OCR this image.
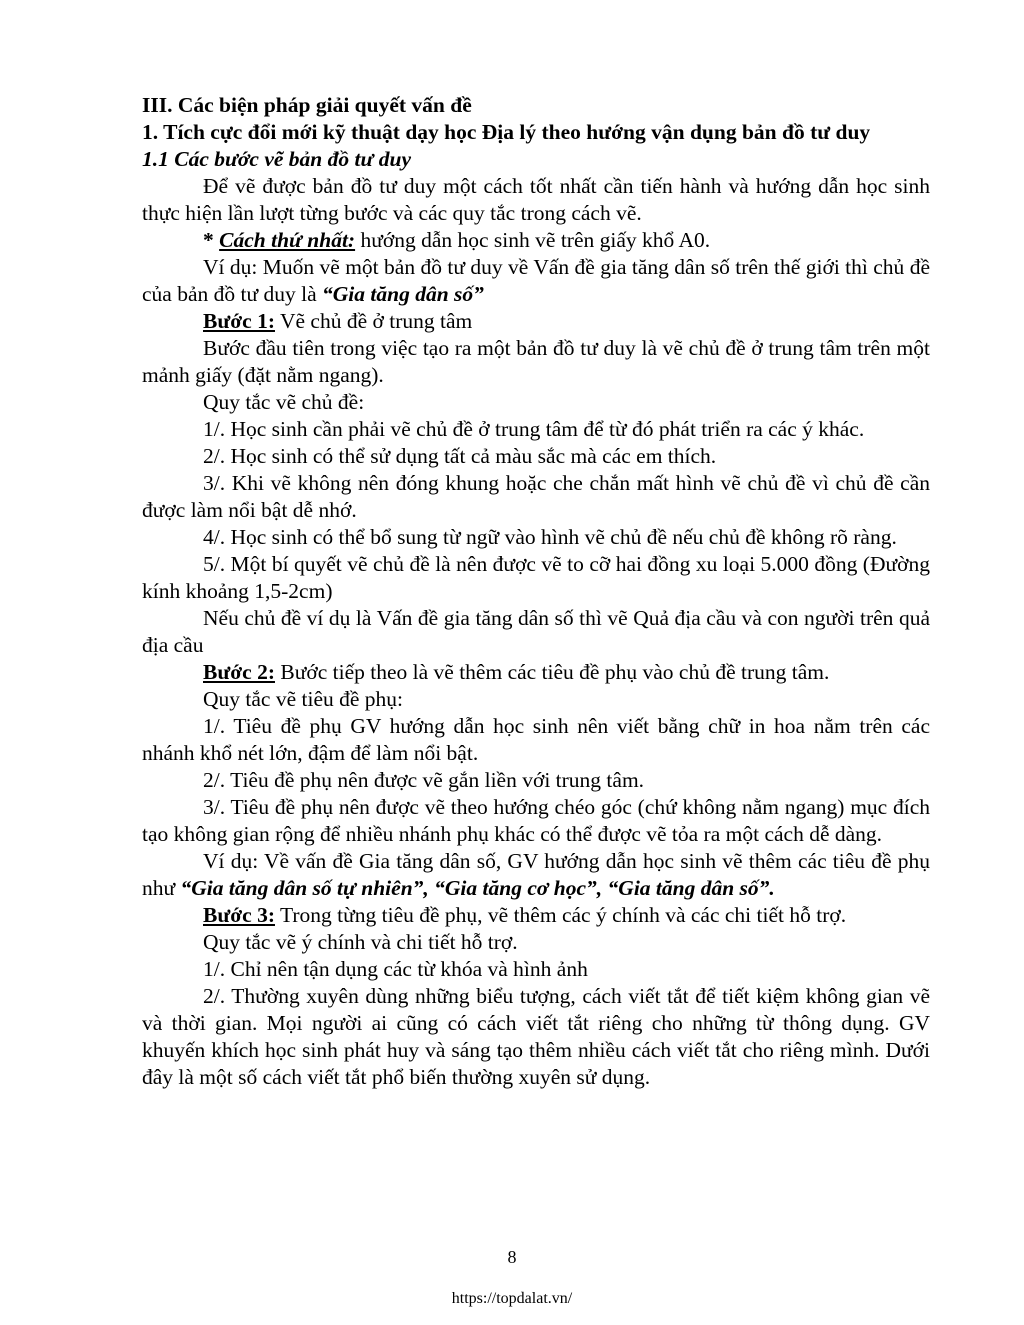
III. Các biện pháp giải quyết vấn đề

1. Tích cực đổi mới kỹ thuật dạy học Địa lý theo hướng vận dụng bản đồ tư duy

1.1 Các bước vẽ bản đồ tư duy

Để vẽ được bản đồ tư duy một cách tốt nhất cần tiến hành và hướng dẫn học sinh thực hiện lần lượt từng bước và các quy tắc trong cách vẽ.

* Cách thứ nhất: hướng dẫn học sinh vẽ trên giấy khổ A0.

Ví dụ: Muốn vẽ một bản đồ tư duy về Vấn đề gia tăng dân số trên thế giới thì chủ đề của bản đồ tư duy là “Gia tăng dân số”

Bước 1: Vẽ chủ đề ở trung tâm

Bước đầu tiên trong việc tạo ra một bản đồ tư duy là vẽ chủ đề ở trung tâm trên một mảnh giấy (đặt nằm ngang).

Quy tắc vẽ chủ đề:

1/. Học sinh cần phải vẽ chủ đề ở trung tâm để từ đó phát triển ra các ý khác.

2/. Học sinh có thể sử dụng tất cả màu sắc mà các em thích.

3/. Khi vẽ không nên đóng khung hoặc che chắn mất hình vẽ chủ đề vì chủ đề cần được làm nổi bật dễ nhớ.

4/. Học sinh có thể bổ sung từ ngữ vào hình vẽ chủ đề nếu chủ đề không rõ ràng.

5/. Một bí quyết vẽ chủ đề là nên được vẽ to cỡ hai đồng xu loại 5.000 đồng (Đường kính khoảng 1,5-2cm)

Nếu chủ đề ví dụ là Vấn đề gia tăng dân số thì vẽ Quả địa cầu và con người trên quả địa cầu

Bước 2: Bước tiếp theo là vẽ thêm các tiêu đề phụ vào chủ đề trung tâm.

Quy tắc vẽ tiêu đề phụ:

1/. Tiêu đề phụ GV hướng dẫn học sinh nên viết bằng chữ in hoa nằm trên các nhánh khổ nét lớn, đậm để làm nổi bật.

2/. Tiêu đề phụ nên được vẽ gắn liền với trung tâm.

3/. Tiêu đề phụ nên được vẽ theo hướng chéo góc (chứ không nằm ngang) mục đích tạo không gian rộng để nhiều nhánh phụ khác có thể được vẽ tỏa ra một cách dễ dàng.

Ví dụ: Về vấn đề Gia tăng dân số, GV hướng dẫn học sinh vẽ thêm các tiêu đề phụ như “Gia tăng dân số tự nhiên”, “Gia tăng cơ học”, “Gia tăng dân số”.

Bước 3: Trong từng tiêu đề phụ, vẽ thêm các ý chính và các chi tiết hỗ trợ.

Quy tắc vẽ ý chính và chi tiết hỗ trợ.

1/. Chỉ nên tận dụng các từ khóa và hình ảnh

2/. Thường xuyên dùng những biểu tượng, cách viết tắt để tiết kiệm không gian vẽ và thời gian. Mọi người ai cũng có cách viết tắt riêng cho những từ thông dụng. GV khuyến khích học sinh phát huy và sáng tạo thêm nhiều cách viết tắt cho riêng mình. Dưới đây là một số cách viết tắt phổ biến thường xuyên sử dụng.

8
https://topdalat.vn/
